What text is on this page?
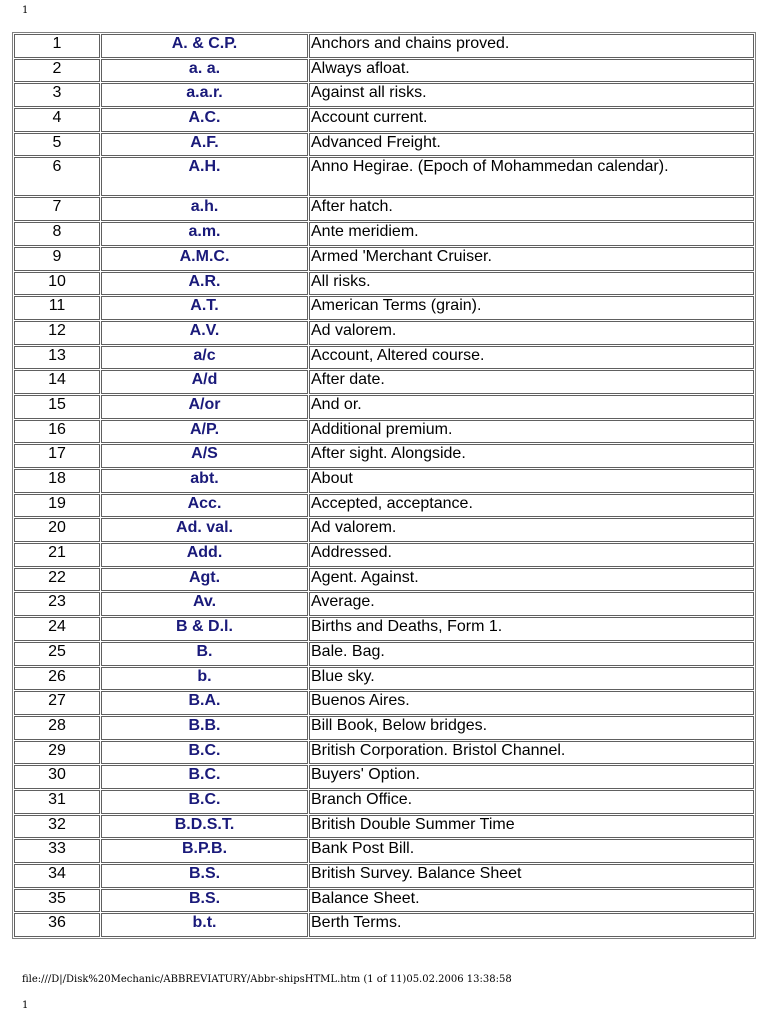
1
1	A. & C.P.	Anchors and chains proved.
2	a. a.	Always afloat.
3	a.a.r.	Against all risks.
4	A.C.	Account current.
5	A.F.	Advanced Freight.
6	A.H.	Anno Hegirae. (Epoch of Mohammedan calendar).
7	a.h.	After hatch.
8	a.m.	Ante meridiem.
9	A.M.C.	Armed 'Merchant Cruiser.
10	A.R.	All risks.
11	A.T.	American Terms (grain).
12	A.V.	Ad valorem.
13	a/c	Account, Altered course.
14	A/d	After date.
15	A/or	And or.
16	A/P.	Additional premium.
17	A/S	After sight. Alongside.
18	abt.	About
19	Acc.	Accepted, acceptance.
20	Ad. val.	Ad valorem.
21	Add.	Addressed.
22	Agt.	Agent. Against.
23	Av.	Average.
24	B & D.l.	Births and Deaths, Form 1.
25	B.	Bale. Bag.
26	b.	Blue sky.
27	B.A.	Buenos Aires.
28	B.B.	Bill Book, Below bridges.
29	B.C.	British Corporation. Bristol Channel.
30	B.C.	Buyers' Option.
31	B.C.	Branch Office.
32	B.D.S.T.	British Double Summer Time
33	B.P.B.	Bank Post Bill.
34	B.S.	British Survey. Balance Sheet
35	B.S.	Balance Sheet.
36	b.t.	Berth Terms.
file:///D|/Disk%20Mechanic/ABBREVIATURY/Abbr-shipsHTML.htm (1 of 11)05.02.2006 13:38:58
1
